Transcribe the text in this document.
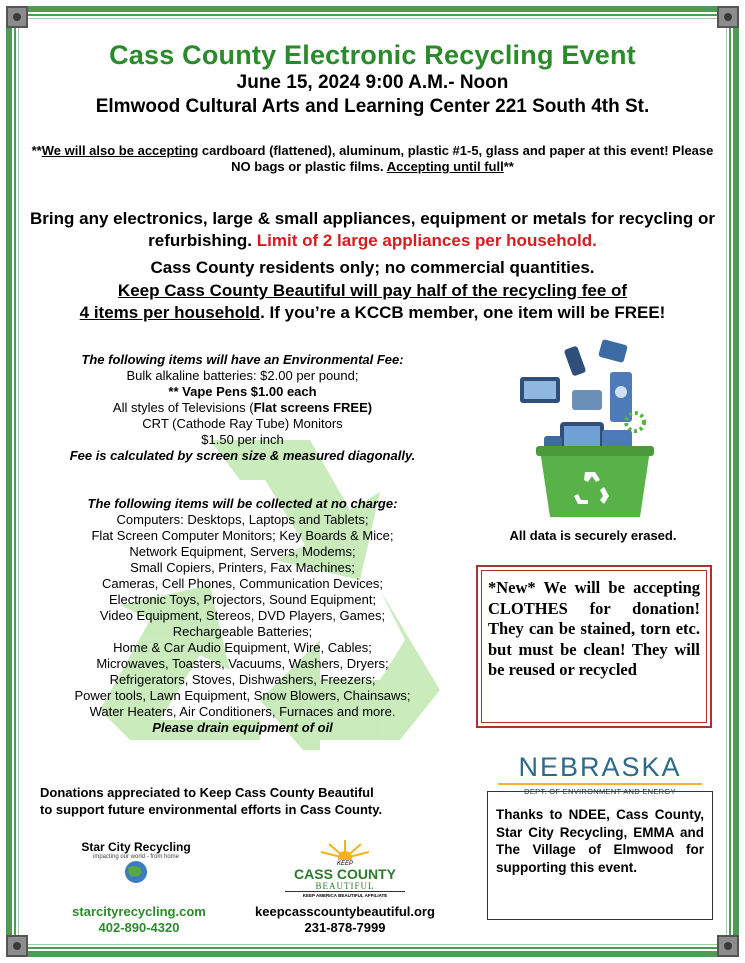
Cass County Electronic Recycling Event
June 15, 2024 9:00 A.M.- Noon
Elmwood Cultural Arts and Learning Center 221 South 4th St.
**We will also be accepting cardboard (flattened), aluminum, plastic #1-5, glass and paper at this event! Please NO bags or plastic films. Accepting until full**
Bring any electronics, large & small appliances, equipment or metals for recycling or refurbishing. Limit of 2 large appliances per household.
Cass County residents only; no commercial quantities.
Keep Cass County Beautiful will pay half of the recycling fee of
4 items per household. If you’re a KCCB member, one item will be FREE!
The following items will have an Environmental Fee:
Bulk alkaline batteries: $2.00 per pound;
** Vape Pens $1.00 each
All styles of Televisions (Flat screens FREE)
CRT (Cathode Ray Tube) Monitors
$1.50 per inch
Fee is calculated by screen size & measured diagonally.
The following items will be collected at no charge:
Computers: Desktops, Laptops and Tablets;
Flat Screen Computer Monitors; Key Boards & Mice;
Network Equipment, Servers, Modems;
Small Copiers, Printers, Fax Machines;
Cameras, Cell Phones, Communication Devices;
Electronic Toys, Projectors, Sound Equipment;
Video Equipment, Stereos, DVD Players, Games;
Rechargeable Batteries;
Home & Car Audio Equipment, Wire, Cables;
Microwaves, Toasters, Vacuums, Washers, Dryers;
Refrigerators, Stoves, Dishwashers, Freezers;
Power tools, Lawn Equipment, Snow Blowers, Chainsaws;
Water Heaters, Air Conditioners, Furnaces and more.
Please drain equipment of oil
Donations appreciated to Keep Cass County Beautiful
to support future environmental efforts in Cass County.
All data is securely erased.
*New* We will be accepting CLOTHES for donation! They can be stained, torn etc. but must be clean! They will be reused or recycled
NEBRASKA
DEPT. OF ENVIRONMENT AND ENERGY
Thanks to NDEE, Cass County, Star City Recycling, EMMA and The Village of Elmwood for supporting this event.
Star City Recycling
impacting our world - from home
starcityrecycling.com
402-890-4320
KEEP
CASS COUNTY
BEAUTIFUL
KEEP AMERICA BEAUTIFUL AFFILIATE
keepcasscountybeautiful.org
231-878-7999
